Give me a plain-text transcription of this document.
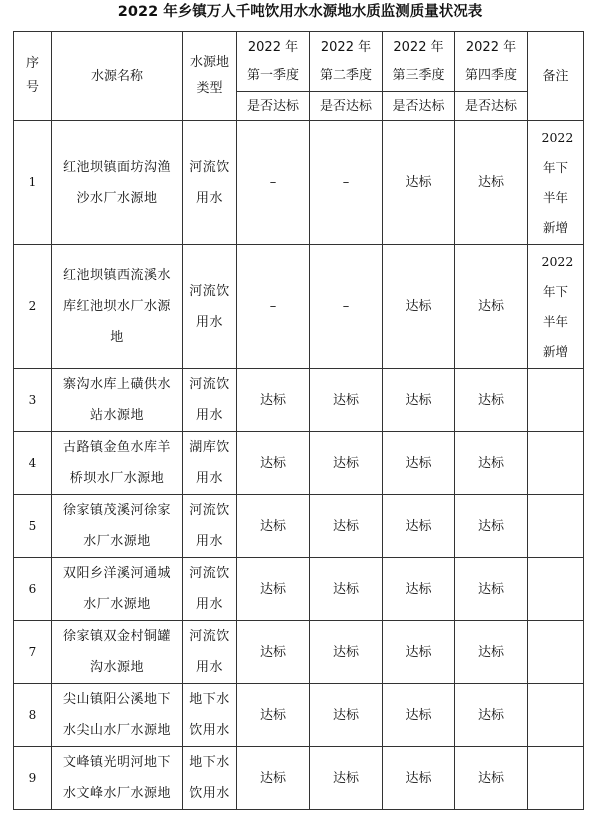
2022 年乡镇万人千吨饮用水水源地水质监测质量状况表
序号	水源名称	水源地类型	2022 年第一季度	2022 年第二季度	2022 年第三季度	2022 年第四季度	备注
			是否达标	是否达标	是否达标	是否达标	
1	红池坝镇面坊沟渔沙水厂水源地	河流饮用水	–	–	达标	达标	2022年下半年新增

2	红池坝镇西流溪水库红池坝水厂水源地	河流饮用水	–	–	达标	达标	2022年下半年新增

3	寨沟水库上磺供水站水源地	河流饮用水	达标	达标	达标	达标	

4	古路镇金鱼水库羊桥坝水厂水源地	湖库饮用水	达标	达标	达标	达标	

5	徐家镇茂溪河徐家水厂水源地	河流饮用水	达标	达标	达标	达标	

6	双阳乡洋溪河通城水厂水源地	河流饮用水	达标	达标	达标	达标	

7	徐家镇双金村铜罐沟水源地	河流饮用水	达标	达标	达标	达标	

8	尖山镇阳公溪地下水尖山水厂水源地	地下水饮用水	达标	达标	达标	达标	

9	文峰镇光明河地下水文峰水厂水源地	地下水饮用水	达标	达标	达标	达标	
